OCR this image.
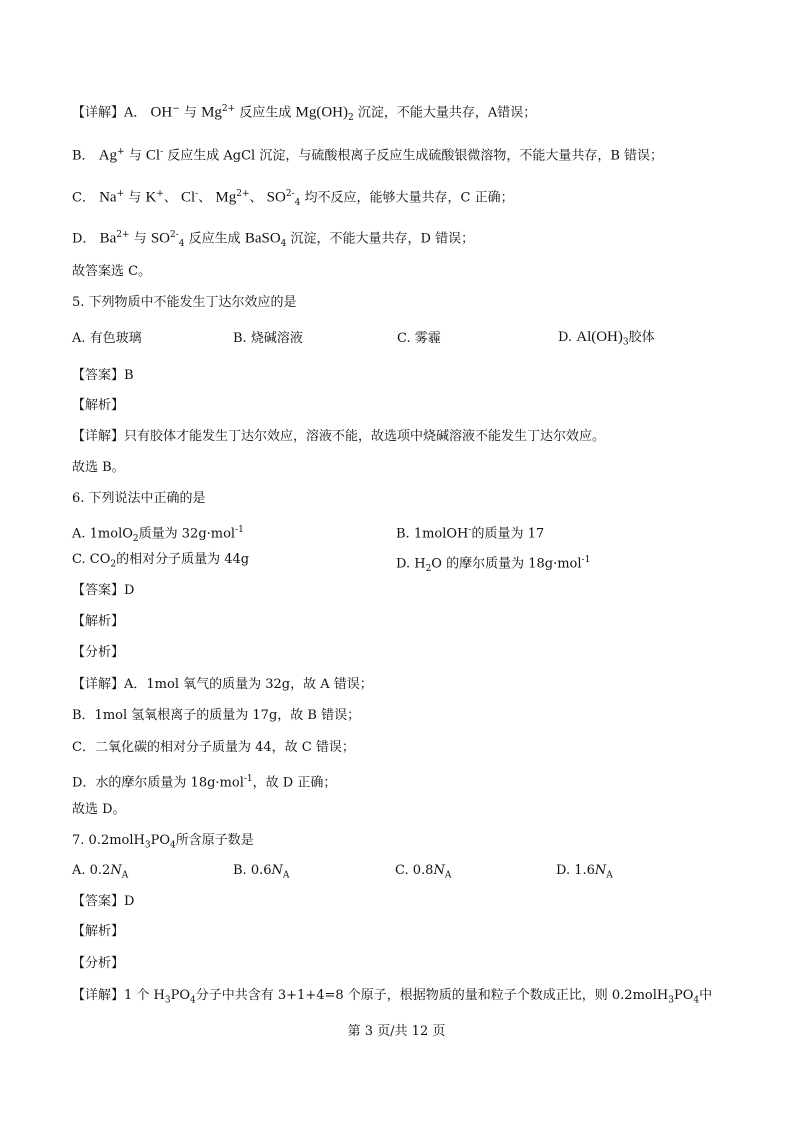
【详解】A． OH− 与 $Mg^{2+}$ 反应生成 $Mg(OH)_2$ 沉淀，不能大量共存，A错误；
B． Ag+ 与 Cl- 反应生成 AgCl 沉淀，与硫酸根离子反应生成硫酸银微溶物，不能大量共存，B 错误；
C． Na+ 与 K+、 Cl-、 $Mg^{2+}$、 $SO^{2-}_4$ 均不反应，能够大量共存，C 正确；
D． $Ba^{2+}$ 与 $SO^{2-}_4$ 反应生成 BaSO$_4$ 沉淀，不能大量共存，D 错误；
故答案选 C。
5. 下列物质中不能发生丁达尔效应的是
A. 有色玻璃	B. 烧碱溶液	C. 雾霾	D. $Al(OH)_3$胶体
【答案】B
【解析】
【详解】只有胶体才能发生丁达尔效应，溶液不能，故选项中烧碱溶液不能发生丁达尔效应。
故选 B。
6. 下列说法中正确的是
A. 1molO$_2$质量为 32g·mol$^{-1}$	B. 1molOH-的质量为 17
C. $CO_2$的相对分子质量为 44g	D. $H_2O$ 的摩尔质量为 18g·mol$^{-1}$
【答案】D
【解析】
【分析】
【详解】A．1mol 氧气的质量为 32g，故 A 错误；
B．1mol 氢氧根离子的质量为 17g，故 B 错误；
C．二氧化碳的相对分子质量为 44，故 C 错误；
D．水的摩尔质量为 18g·mol$^{-1}$，故 D 正确；
故选 D。
7. $0.2molH_3PO_4$所含原子数是
A. $0.2N_A$	B. $0.6N_A$	C. $0.8N_A$	D. $1.6N_A$
【答案】D
【解析】
【分析】
【详解】1 个 $H_3PO_4$分子中共含有 3+1+4=8 个原子，根据物质的量和粒子个数成正比，则 $0.2molH_3PO_4$中
第 3 页/共 12 页
